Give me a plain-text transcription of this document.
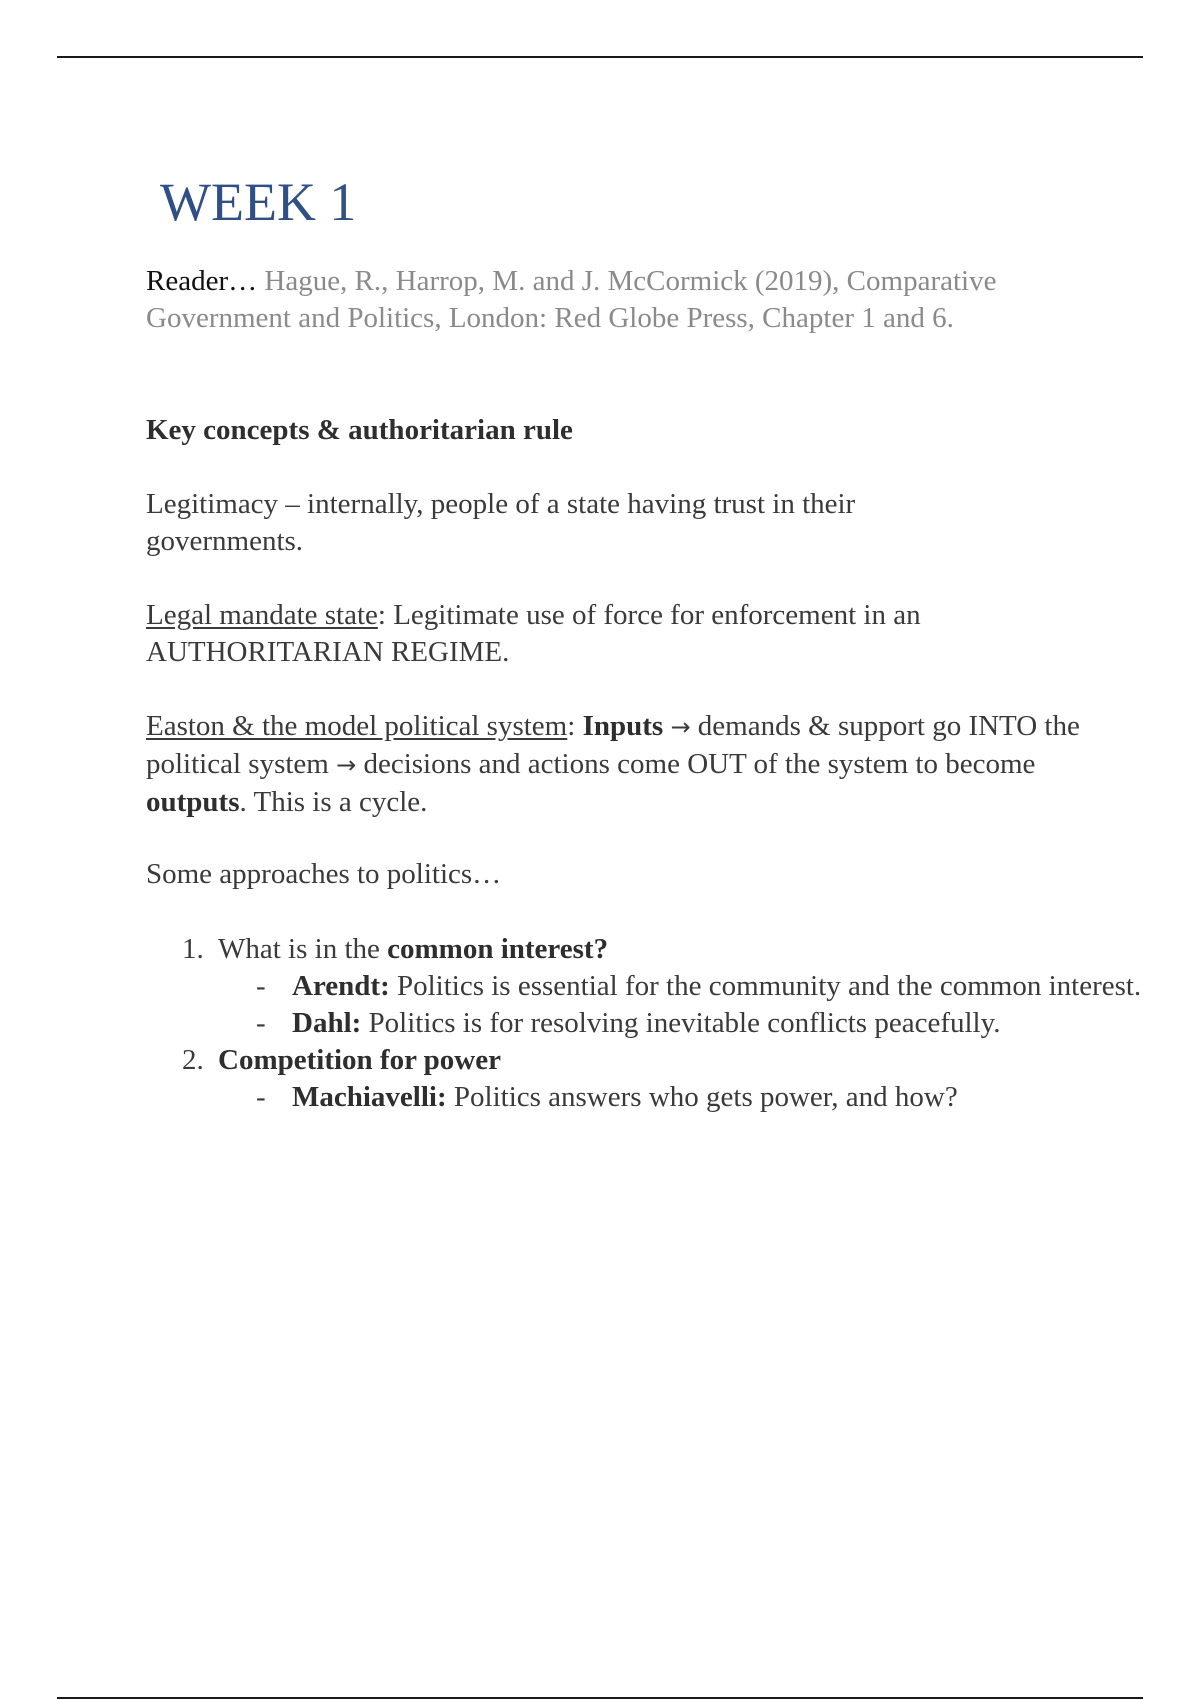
WEEK 1

Reader… Hague, R., Harrop, M. and J. McCormick (2019), Comparative Government and Politics, London: Red Globe Press, Chapter 1 and 6.

Key concepts & authoritarian rule

Legitimacy – internally, people of a state having trust in their governments.

Legal mandate state: Legitimate use of force for enforcement in an AUTHORITARIAN REGIME.

Easton & the model political system: Inputs → demands & support go INTO the political system → decisions and actions come OUT of the system to become outputs. This is a cycle.

Some approaches to politics…

1. What is in the common interest?
- Arendt: Politics is essential for the community and the common interest.
- Dahl: Politics is for resolving inevitable conflicts peacefully.
2. Competition for power
- Machiavelli: Politics answers who gets power, and how?
